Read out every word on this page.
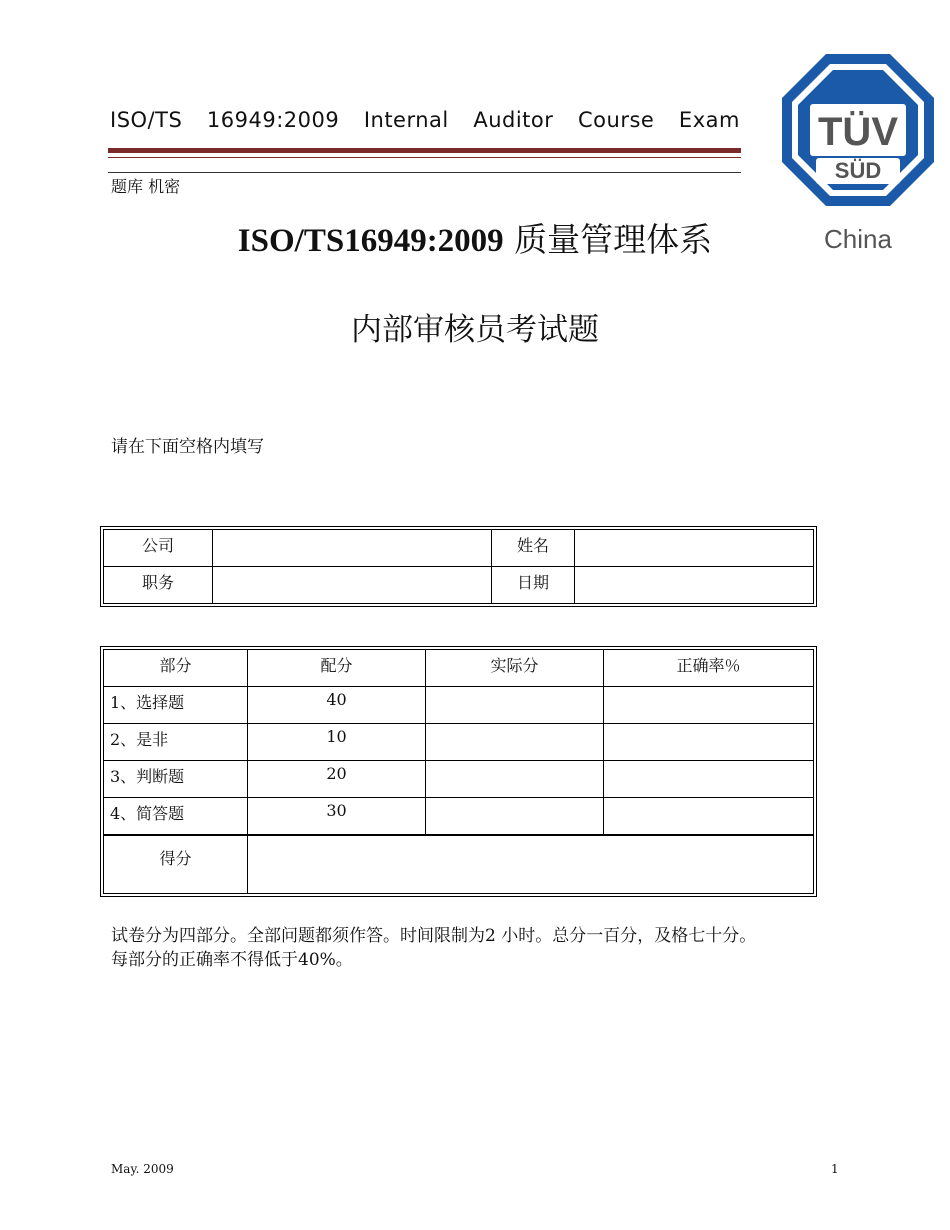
ISO/TS 16949:2009 Internal Auditor Course Exam
题库 机密
TÜV
SÜD
China
ISO/TS16949:2009 质量管理体系
内部审核员考试题
请在下面空格内填写
公司		姓名	
职务		日期	
部分	配分	实际分	正确率％
1、选择题	40		
2、是非	10		
3、判断题	20		
4、简答题	30		
得分			
试卷分为四部分。全部问题都须作答。时间限制为2 小时。总分一百分，及格七十分。
每部分的正确率不得低于40%。
May. 2009	1
